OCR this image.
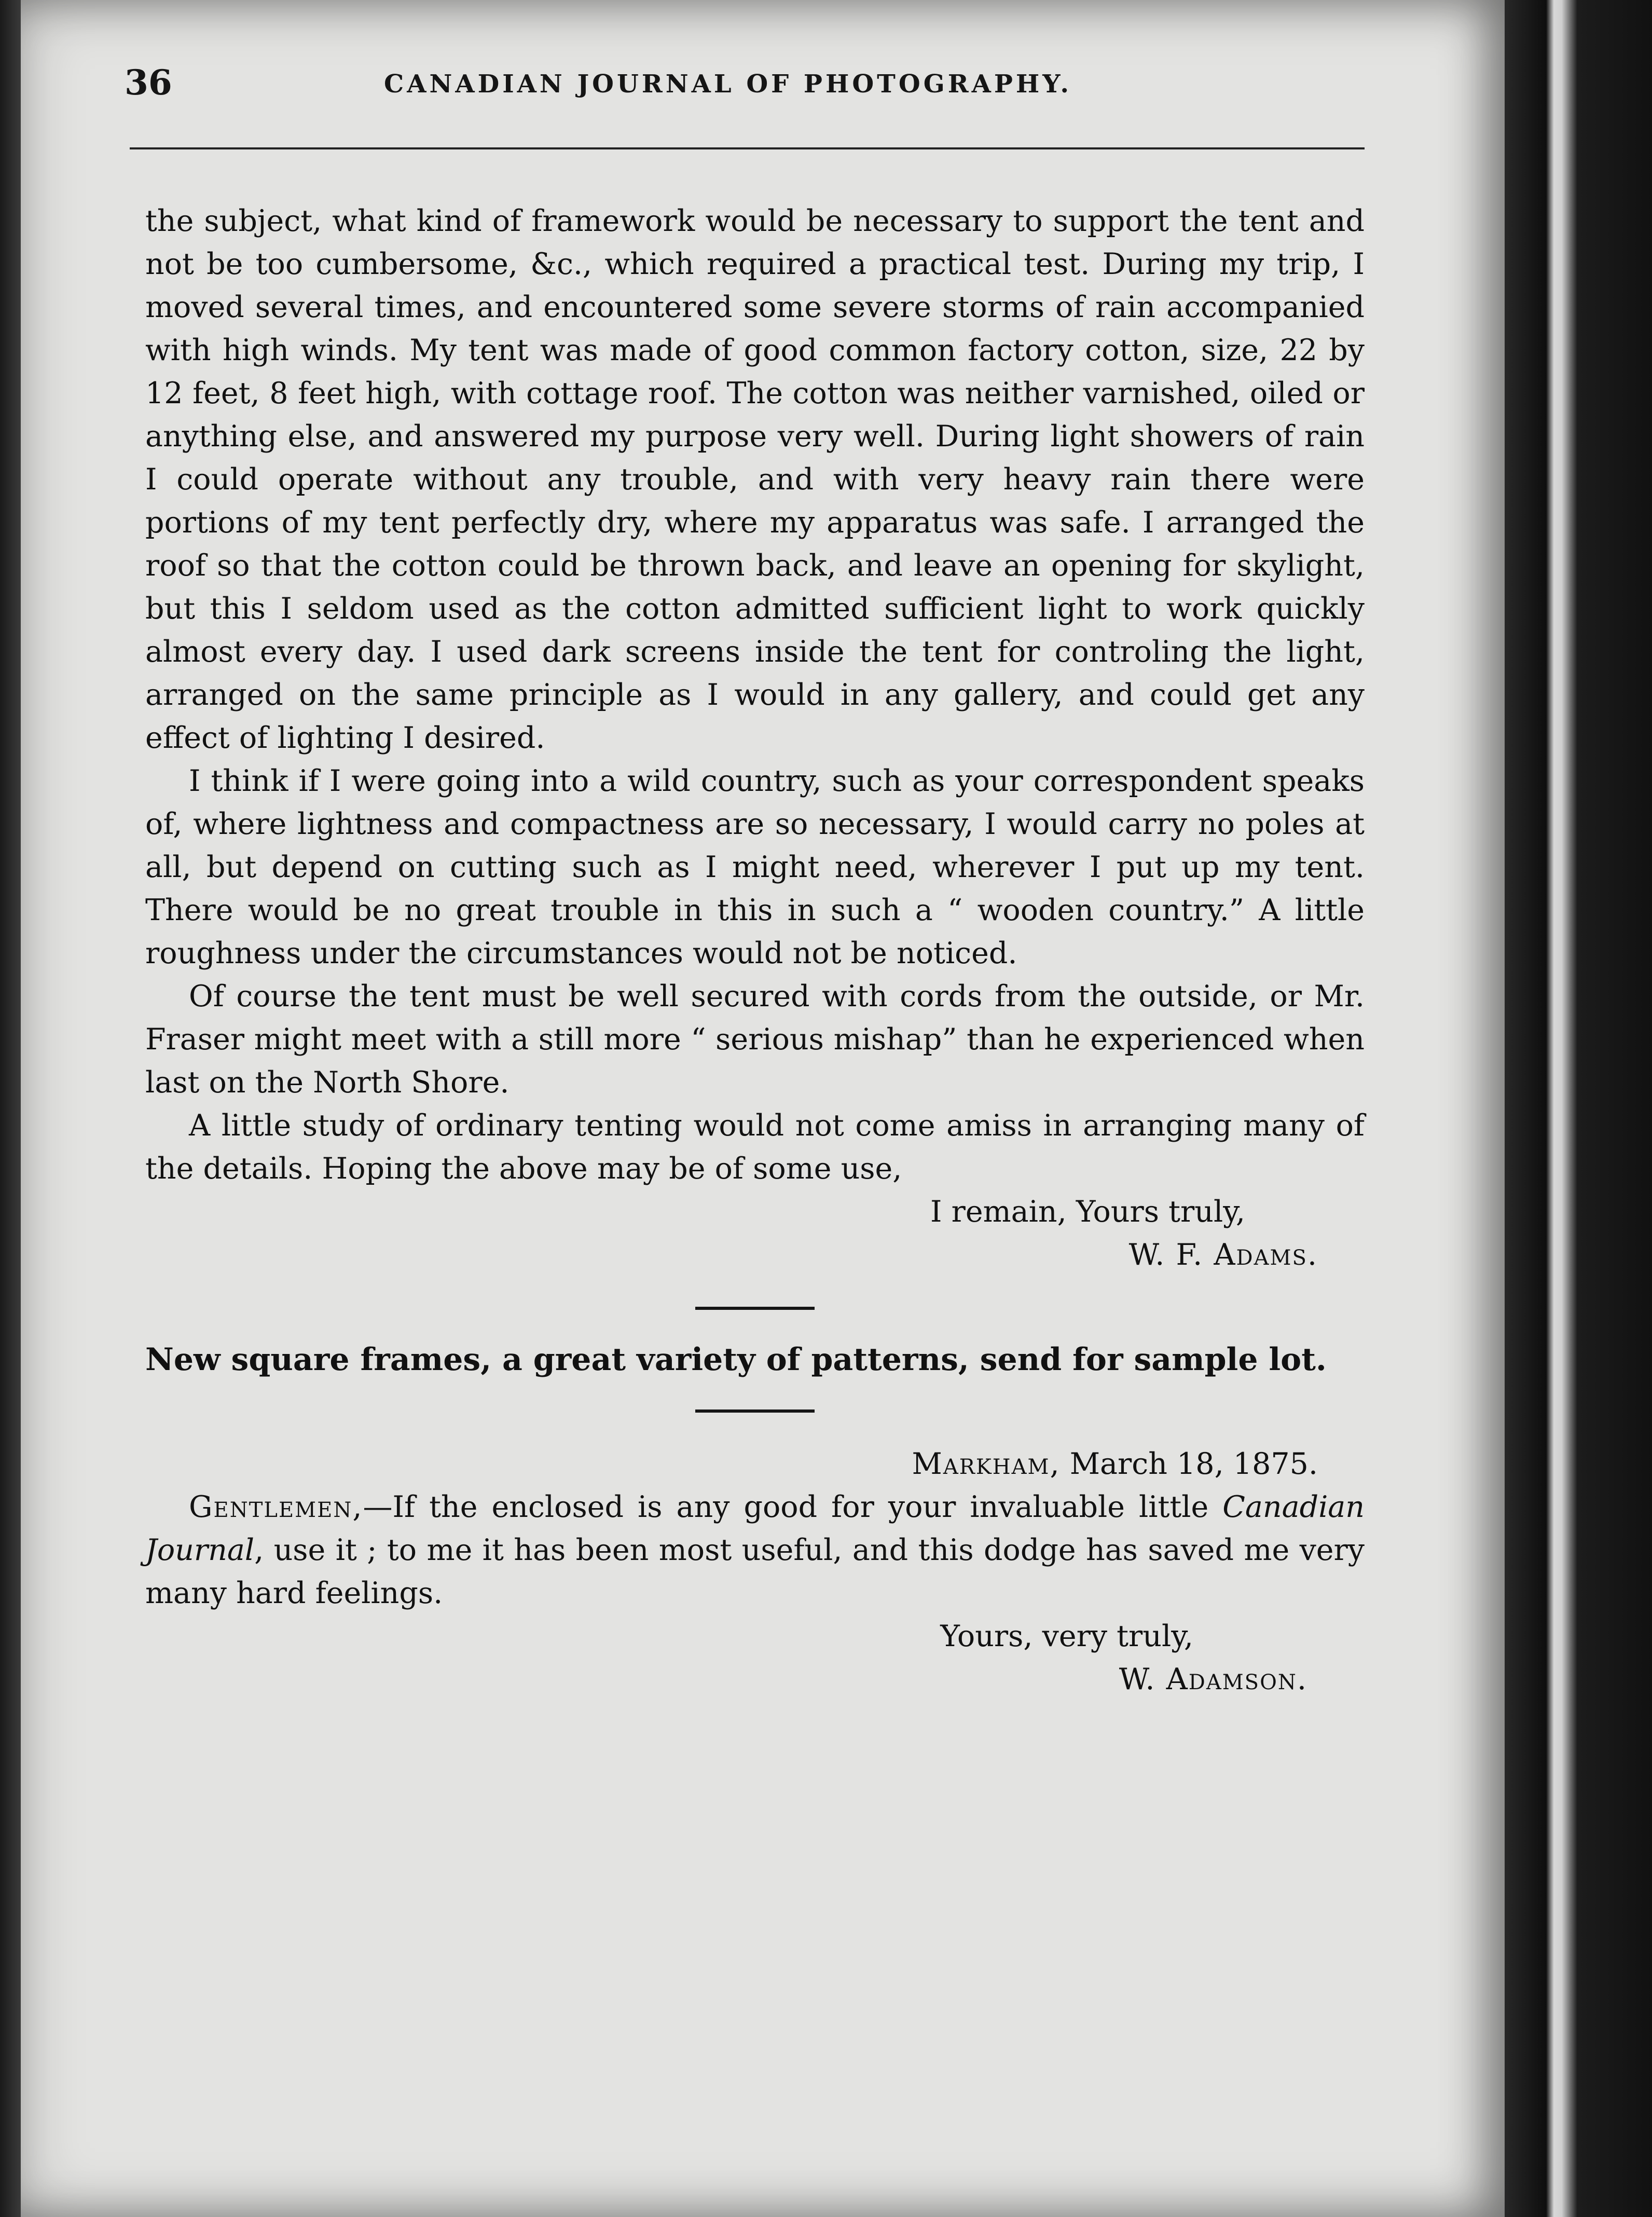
36	CANADIAN JOURNAL OF PHOTOGRAPHY.

the subject, what kind of framework would be necessary to support the tent and not be too cumbersome, &c., which required a practical test. During my trip, I moved several times, and encountered some severe storms of rain accompanied with high winds. My tent was made of good common factory cotton, size, 22 by 12 feet, 8 feet high, with cottage roof. The cotton was neither varnished, oiled or anything else, and answered my purpose very well. During light showers of rain I could operate without any trouble, and with very heavy rain there were portions of my tent perfectly dry, where my apparatus was safe. I arranged the roof so that the cotton could be thrown back, and leave an opening for skylight, but this I seldom used as the cotton admitted sufficient light to work quickly almost every day. I used dark screens inside the tent for controling the light, arranged on the same principle as I would in any gallery, and could get any effect of lighting I desired.

I think if I were going into a wild country, such as your correspondent speaks of, where lightness and compactness are so necessary, I would carry no poles at all, but depend on cutting such as I might need, wherever I put up my tent. There would be no great trouble in this in such a “ wooden country.” A little roughness under the circumstances would not be noticed.

Of course the tent must be well secured with cords from the outside, or Mr. Fraser might meet with a still more “ serious mishap” than he experienced when last on the North Shore.

A little study of ordinary tenting would not come amiss in arranging many of the details. Hoping the above may be of some use,

I remain, Yours truly,

W. F. Adams.

New square frames, a great variety of patterns, send for sample lot.

Markham, March 18, 1875.

Gentlemen,—If the enclosed is any good for your invaluable little Canadian Journal, use it ; to me it has been most useful, and this dodge has saved me very many hard feelings.

Yours, very truly,

W. Adamson.
